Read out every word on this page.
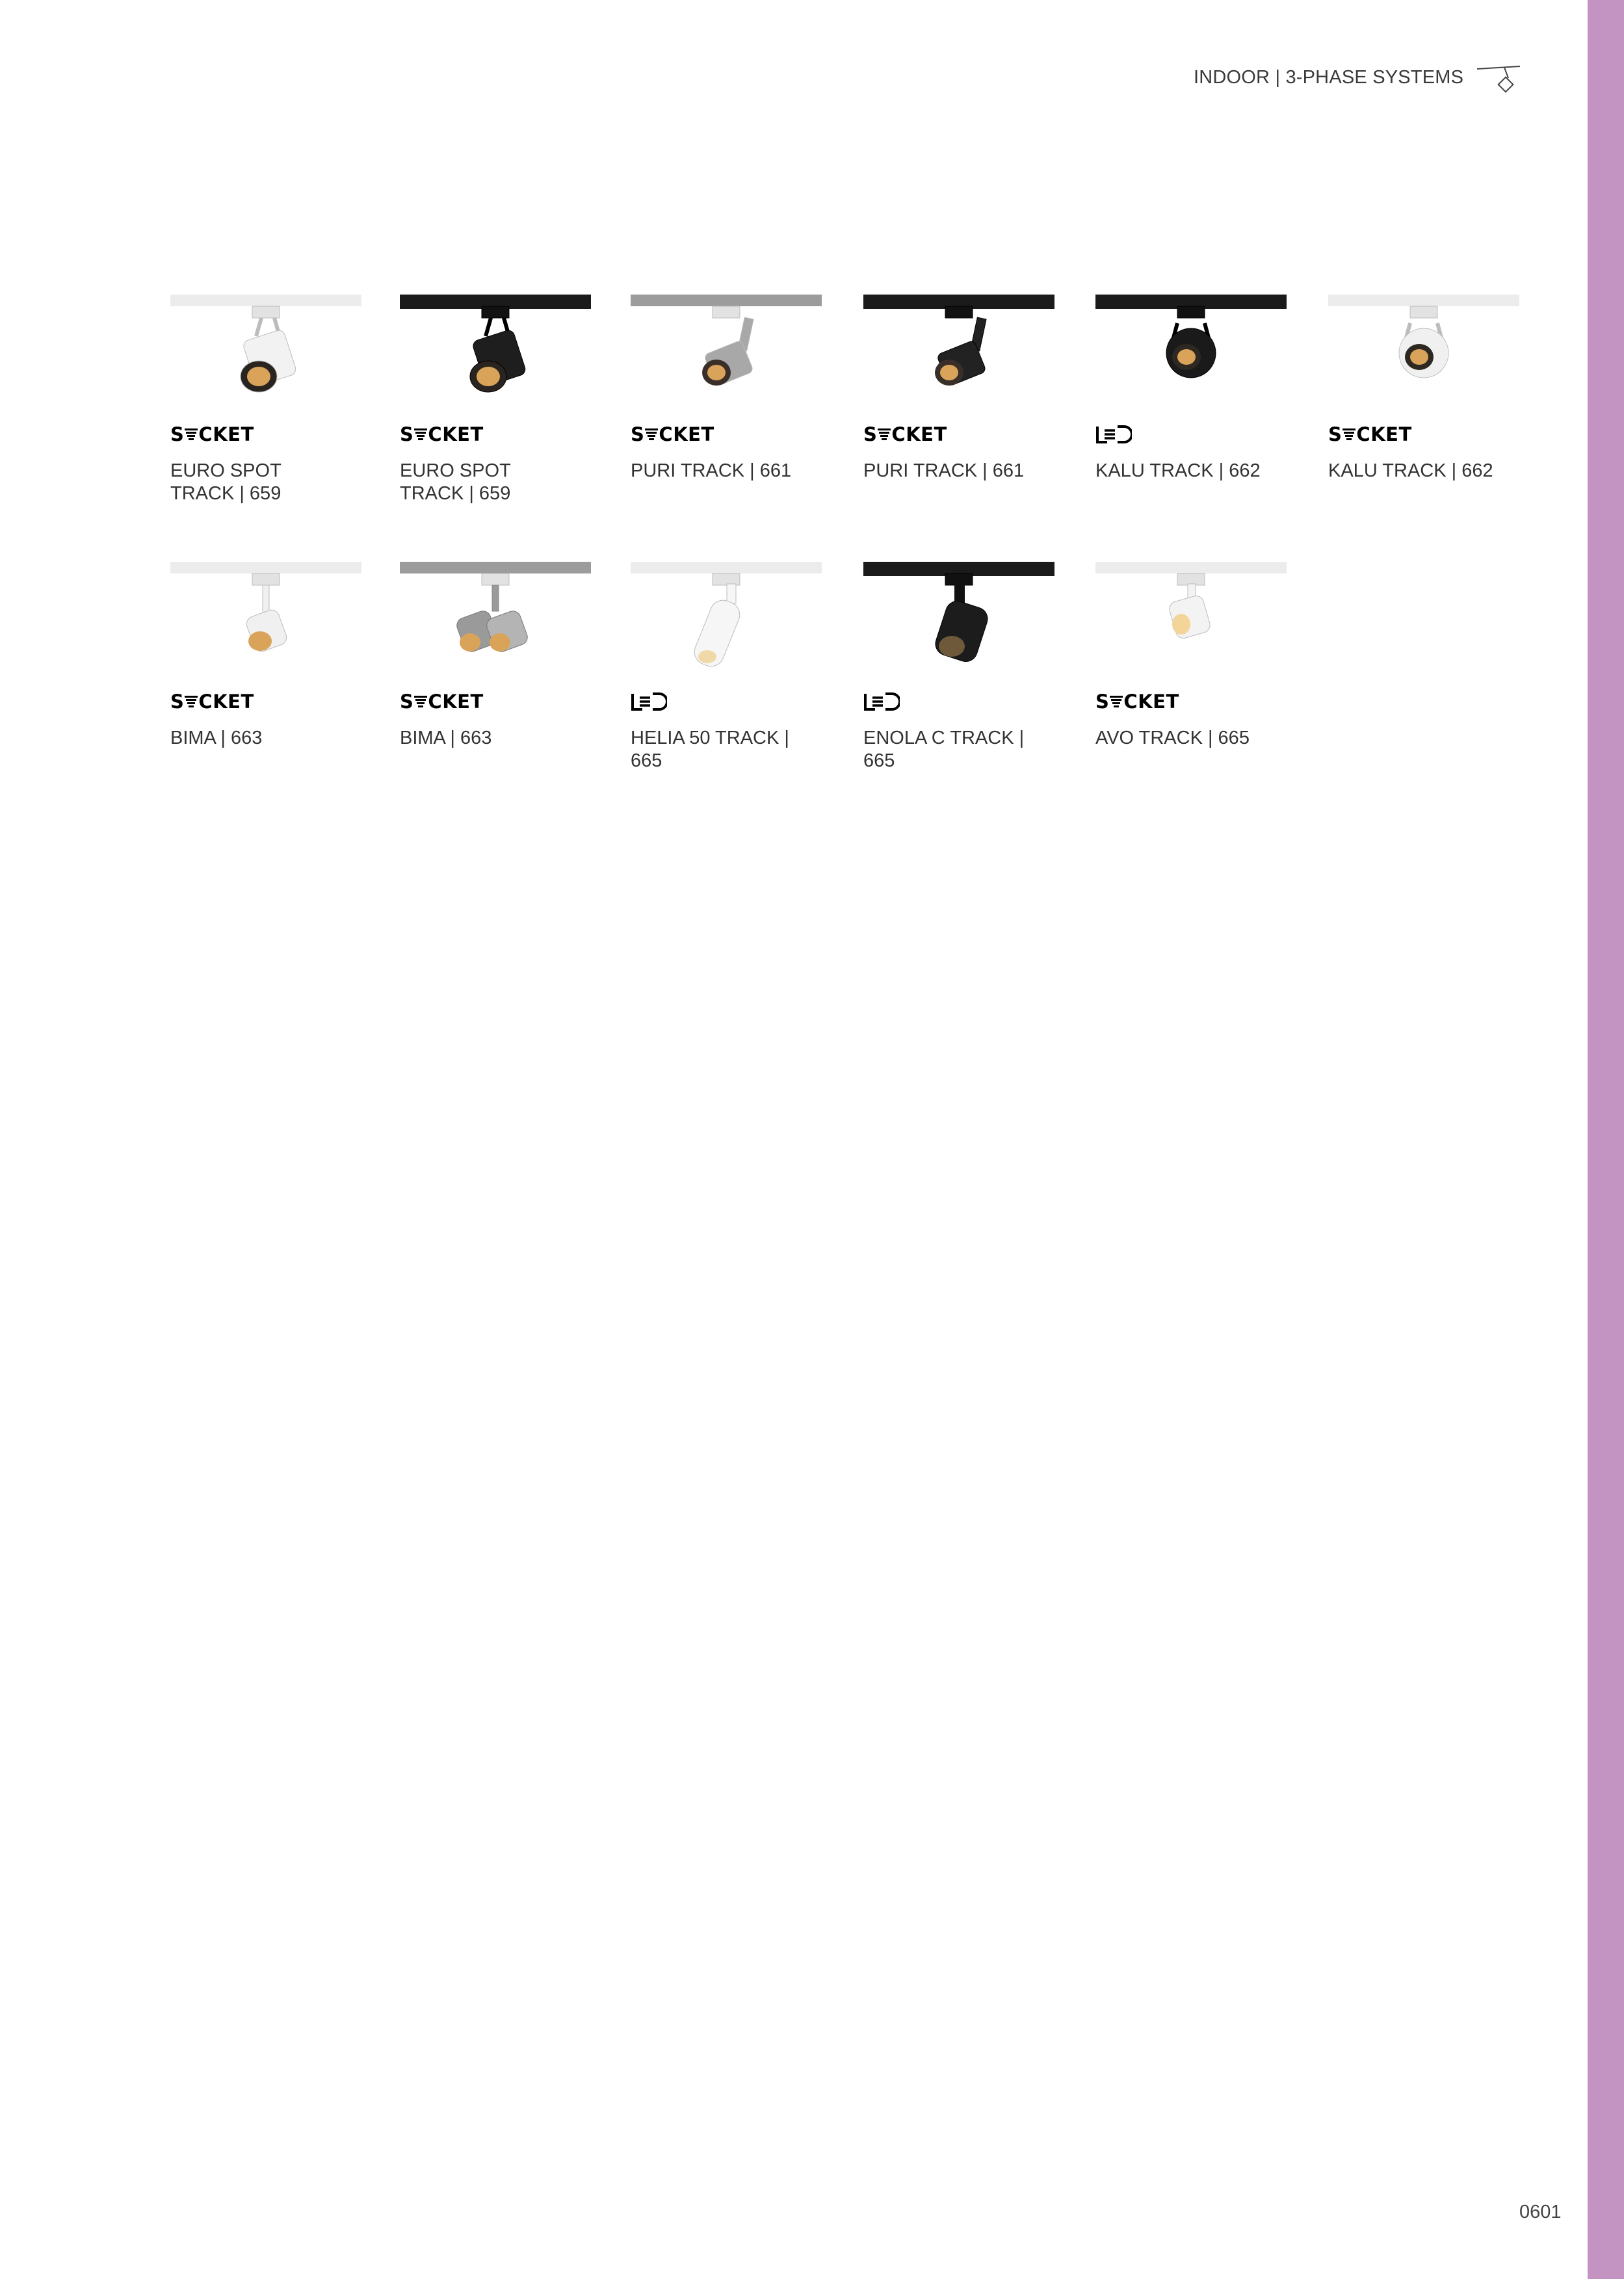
INDOOR | 3-PHASE SYSTEMS
S CKET
EURO SPOT
TRACK | 659
S CKET
EURO SPOT
TRACK | 659
S CKET
PURI TRACK | 661
S CKET
PURI TRACK | 661	KALU TRACK | 662
S CKET
KALU TRACK | 662
S CKET
BIMA | 663
S CKET
BIMA | 663	HELIA 50 TRACK | 665
ENOLA C TRACK | 665
S CKET
AVO TRACK | 665
0601
